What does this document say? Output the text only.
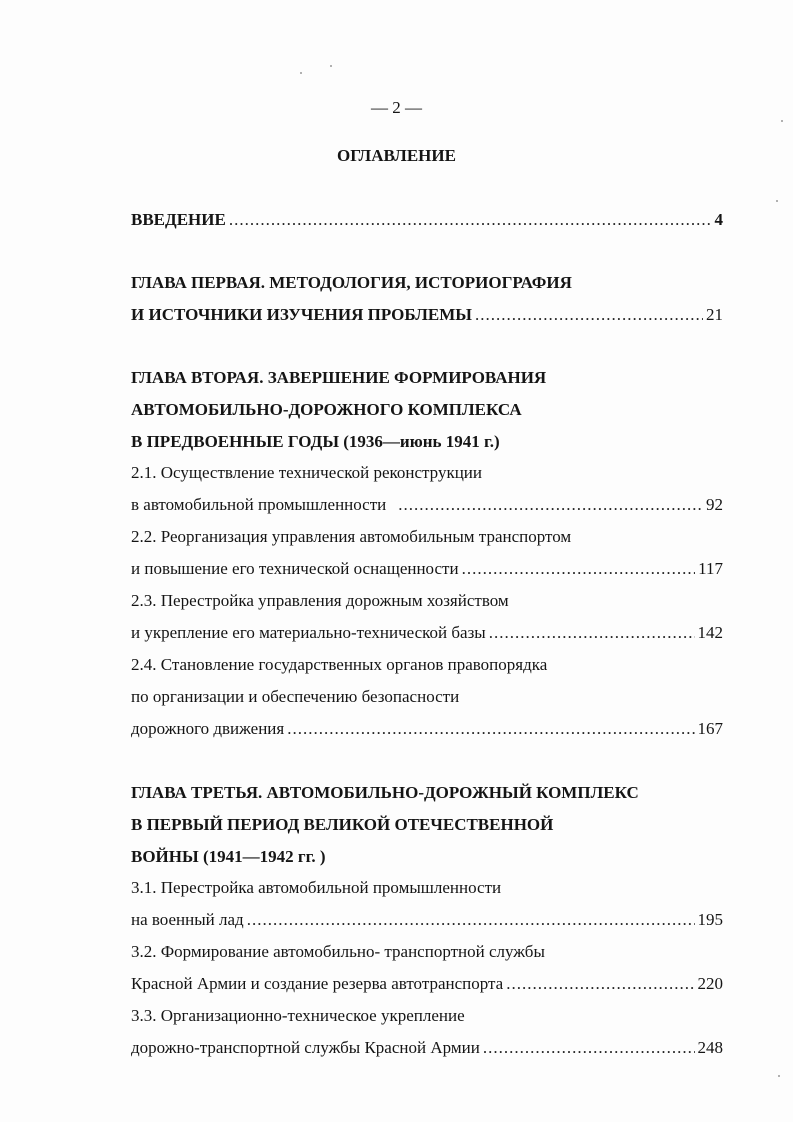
— 2 —
ОГЛАВЛЕНИЕ
ВВЕДЕНИЕ .....	4
ГЛАВА ПЕРВАЯ. МЕТОДОЛОГИЯ, ИСТОРИОГРАФИЯ
И ИСТОЧНИКИ ИЗУЧЕНИЯ ПРОБЛЕМЫ .....	21
ГЛАВА ВТОРАЯ. ЗАВЕРШЕНИЕ ФОРМИРОВАНИЯ
АВТОМОБИЛЬНО-ДОРОЖНОГО КОМПЛЕКСА
В ПРЕДВОЕННЫЕ ГОДЫ (1936—июнь 1941 г.)
2.1. Осуществление технической реконструкции
в автомобильной промышленности .....	92
2.2. Реорганизация управления автомобильным транспортом
и повышение его технической оснащенности .....	117
2.3. Перестройка управления дорожным хозяйством
и укрепление его материально-технической базы .....	142
2.4. Становление государственных органов правопорядка
по организации и обеспечению безопасности
дорожного движения .....	167
ГЛАВА ТРЕТЬЯ. АВТОМОБИЛЬНО-ДОРОЖНЫЙ КОМПЛЕКС
В ПЕРВЫЙ ПЕРИОД ВЕЛИКОЙ ОТЕЧЕСТВЕННОЙ
ВОЙНЫ (1941—1942 гг. )
3.1. Перестройка автомобильной промышленности
на военный лад .....	195
3.2. Формирование автомобильно- транспортной службы
Красной Армии и создание резерва автотранспорта .....	220
3.3. Организационно-техническое укрепление
дорожно-транспортной службы Красной Армии .....	248
